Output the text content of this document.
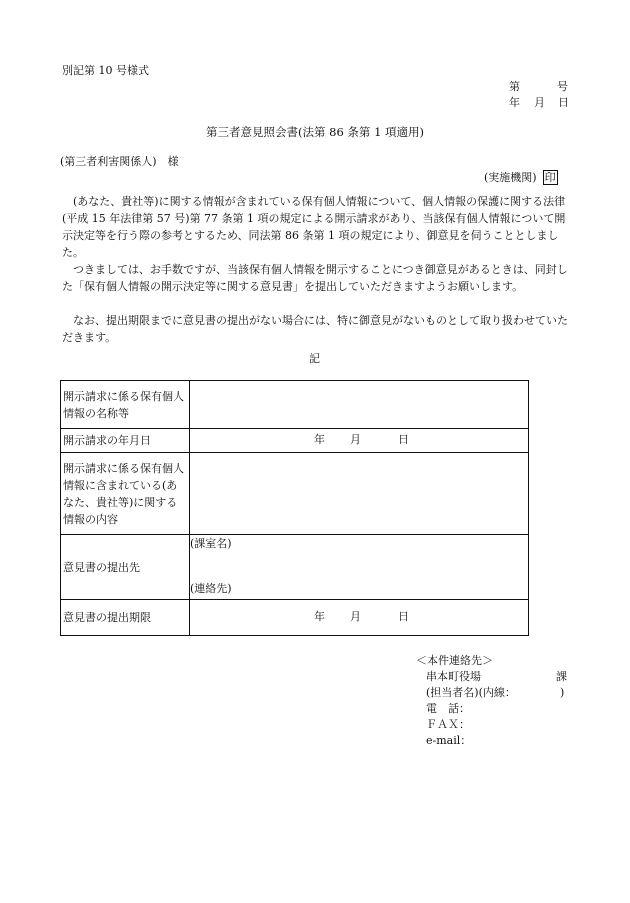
別記第 10 号様式
第	号
年 月 日
第三者意見照会書(法第 86 条第 1 項適用)
(第三者利害関係人)　様
(実施機関) 印
(あなた、貴社等)に関する情報が含まれている保有個人情報について、個人情報の保護に関する法律(平成 15 年法律第 57 号)第 77 条第 1 項の規定による開示請求があり、当該保有個人情報について開示決定等を行う際の参考とするため、同法第 86 条第 1 項の規定により、御意見を伺うこととしました。
つきましては、お手数ですが、当該保有個人情報を開示することにつき御意見があるときは、同封した「保有個人情報の開示決定等に関する意見書」を提出していただきますようお願いします。
なお、提出期限までに意見書の提出がない場合には、特に御意見がないものとして取り扱わせていただきます。
記
開示請求に係る保有個人情報の名称等	
開示請求の年月日	年 月 日

開示請求に係る保有個人情報に含まれている(あなた、貴社等)に関する情報の内容	
意見書の提出先	(課室名)
(連絡先)

意見書の提出期限	年 月 日
＜本件連絡先＞
串本町役場	課
(担当者名)(内線：	)
電　話：
ＦＡＸ：
e-mail：
